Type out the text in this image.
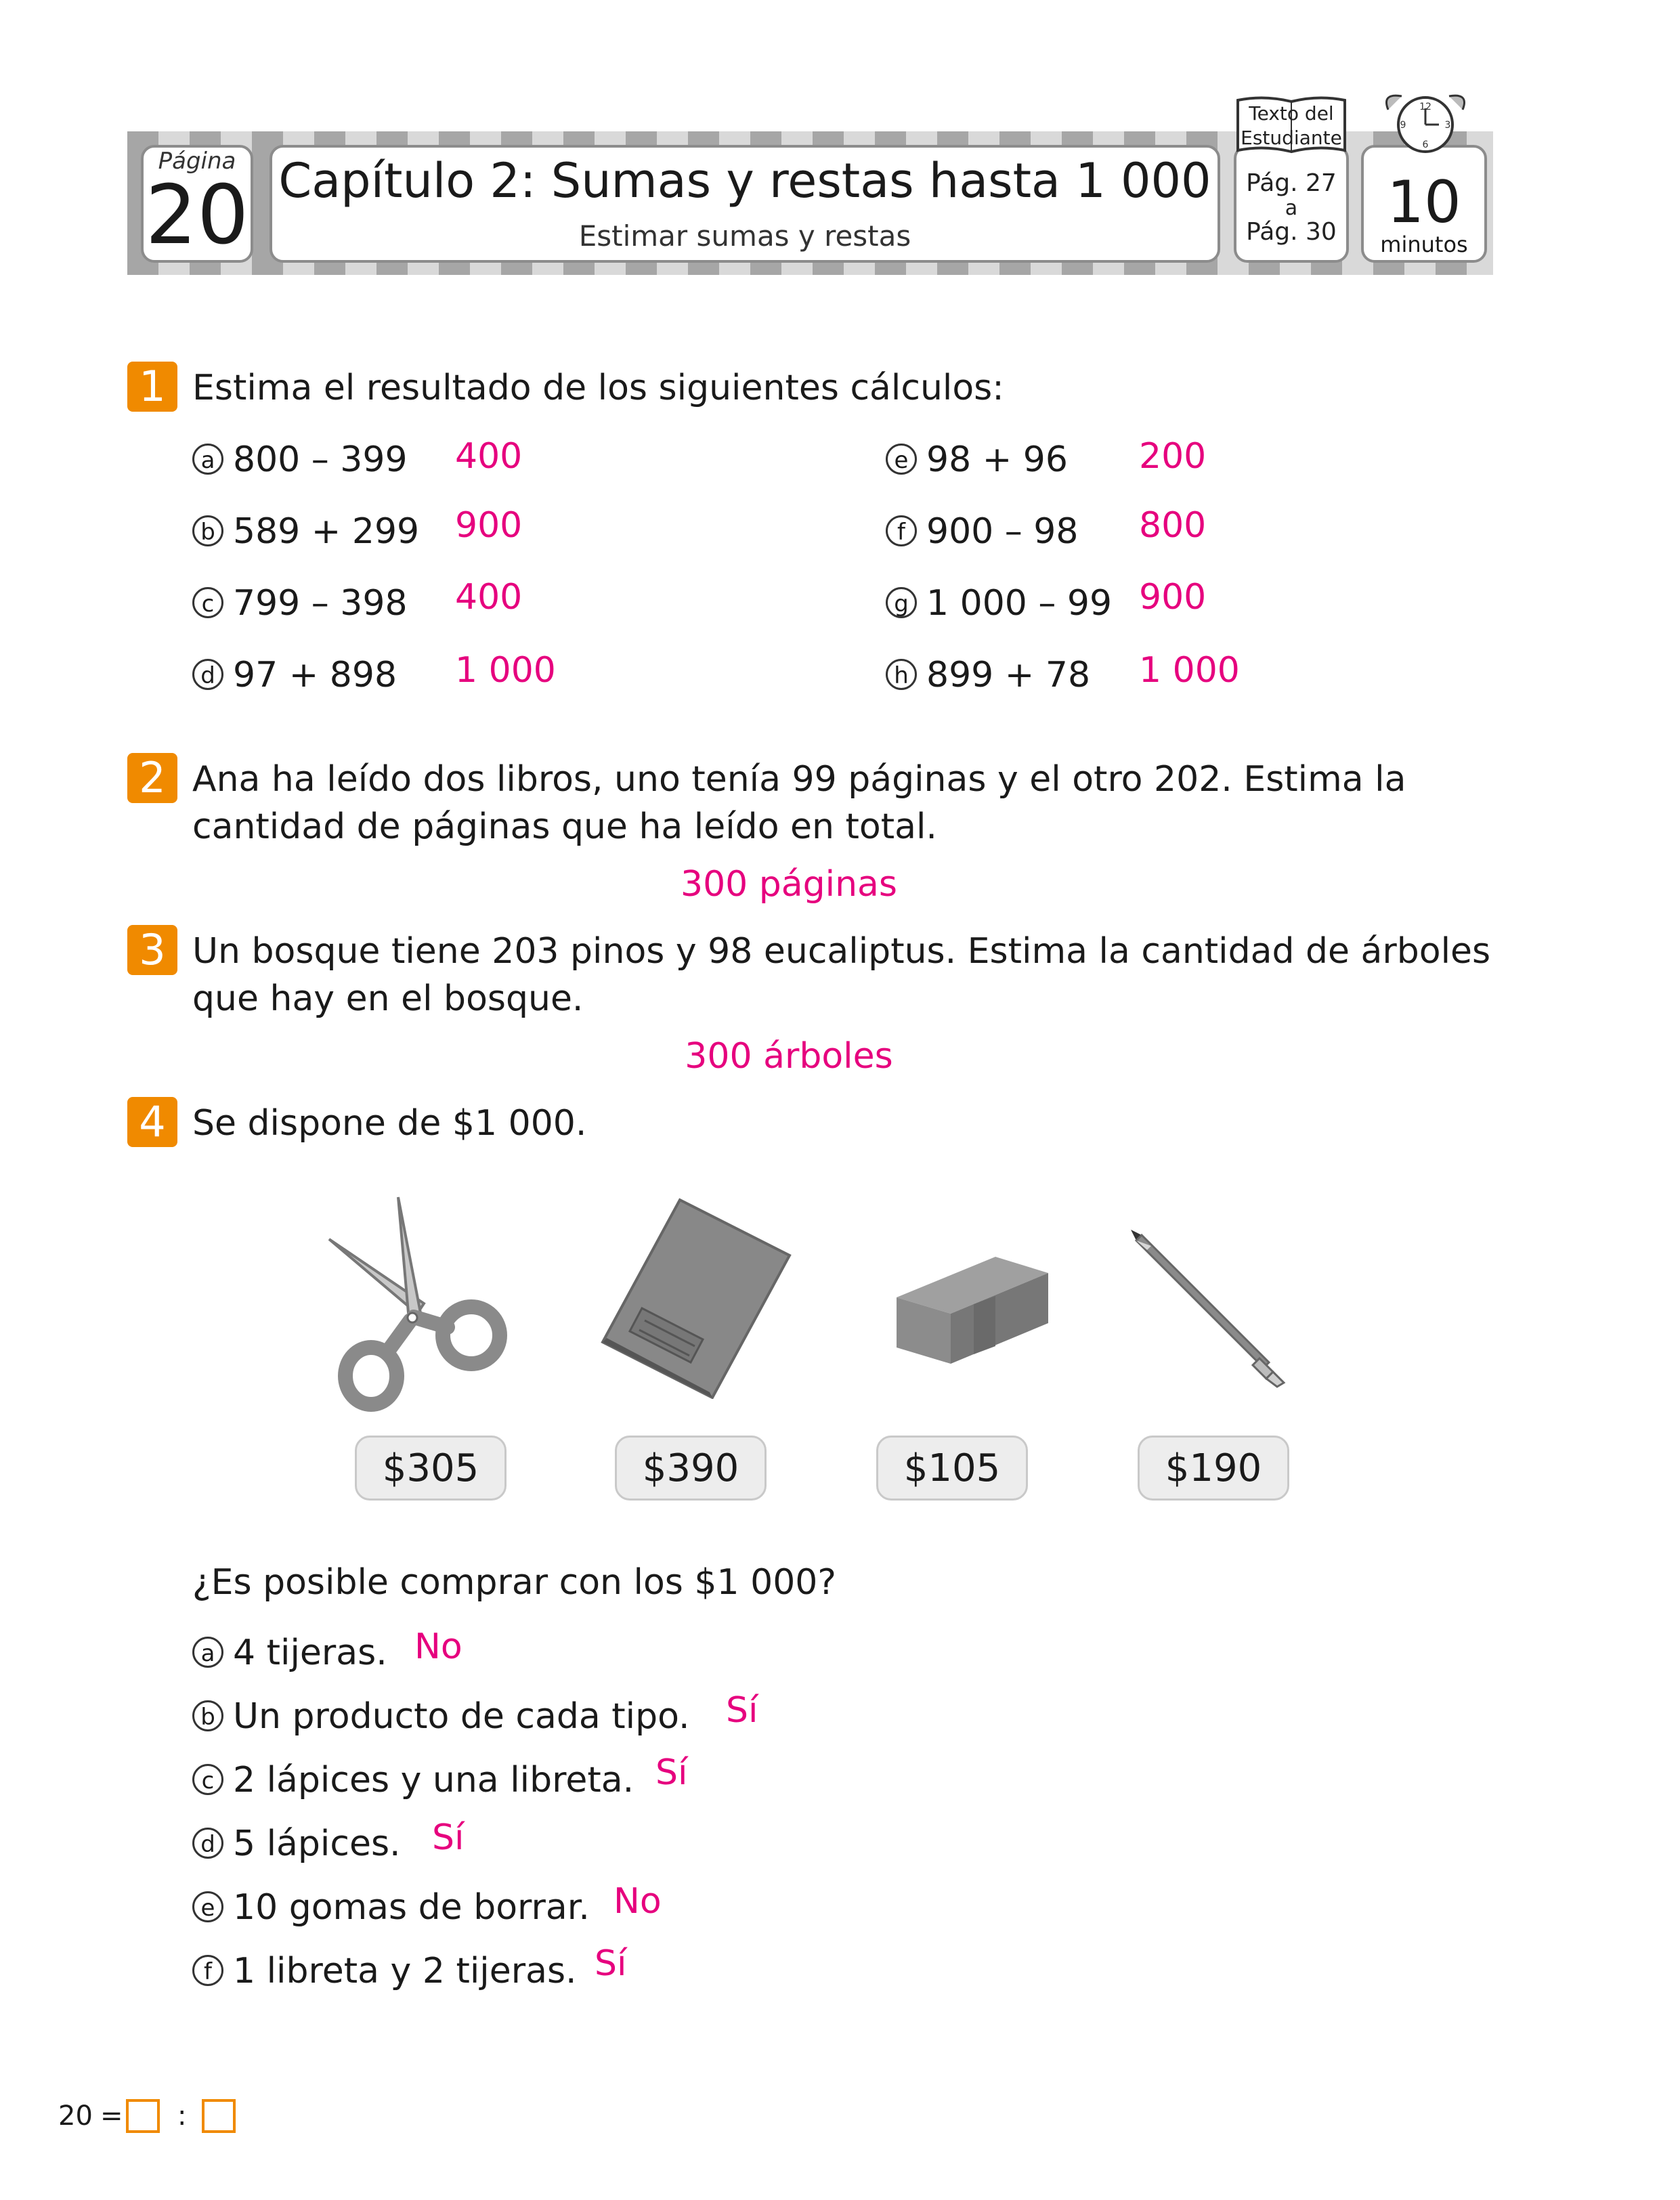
Página
20 Capítulo 2: Sumas y restas hasta 1 000
Estimar sumas y restas
Texto del Estudiante
Pág. 27
a
Pág. 30
12
3
6
9
10
minutos
1 Estima el resultado de los siguientes cálculos:
a 800 – 399 400
b 589 + 299 900
c 799 – 398 400
d 97 + 898 1 000
e 98 + 96 200
f 900 – 98 800
g 1 000 – 99 900
h 899 + 78 1 000
2 Ana ha leído dos libros, uno tenía 99 páginas y el otro 202. Estima la
cantidad de páginas que ha leído en total.
300 páginas
3 Un bosque tiene 203 pinos y 98 eucaliptus. Estima la cantidad de árboles
que hay en el bosque.
300 árboles
4 Se dispone de $1 000.
$305	$390	$105	$190
¿Es posible comprar con los $1 000?
a 4 tijeras. No
b Un producto de cada tipo. Sí
c 2 lápices y una libreta. Sí
d 5 lápices. Sí
e 10 gomas de borrar. No
f 1 libreta y 2 tijeras. Sí
20 = :
